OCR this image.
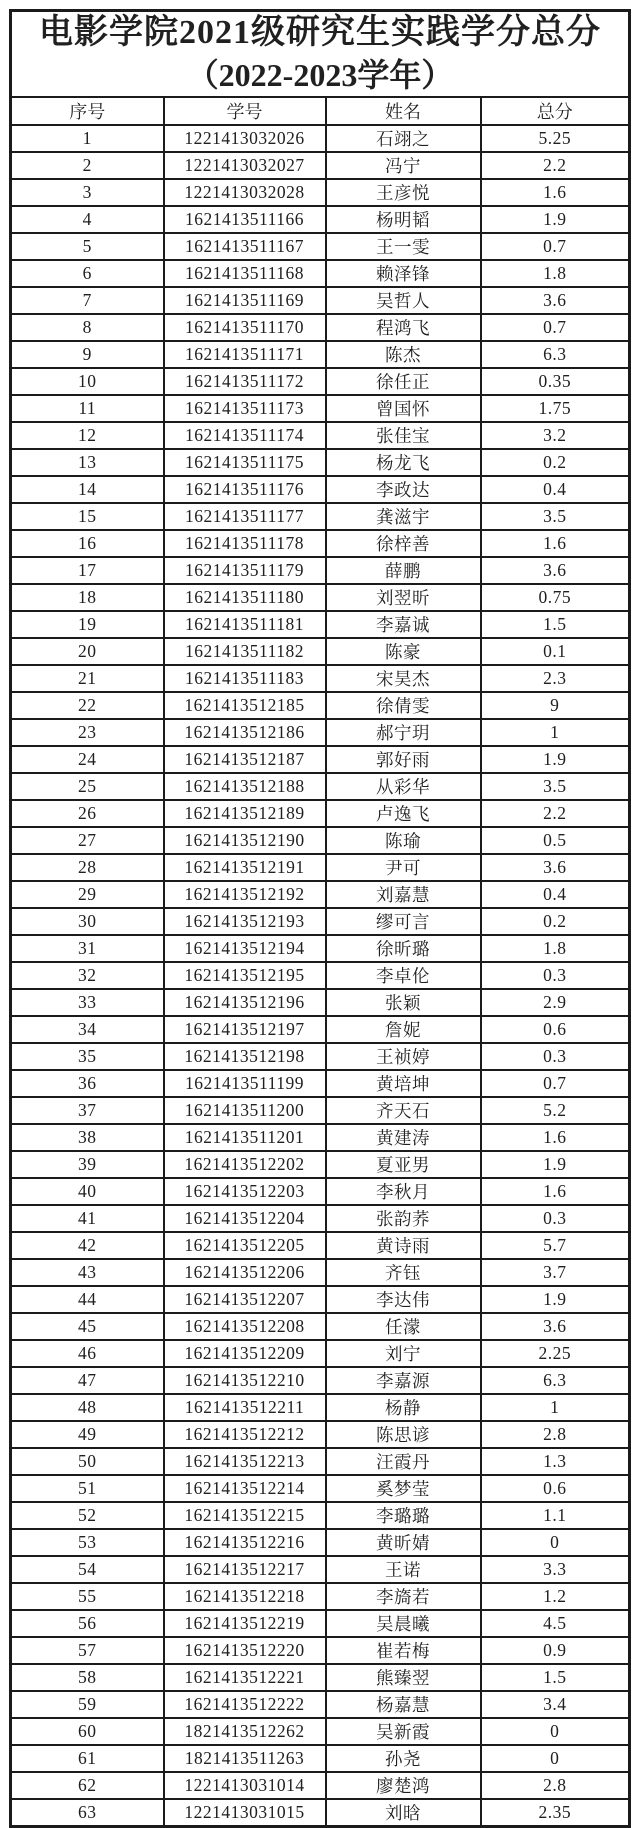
电影学院2021级研究生实践学分总分
（2022-2023学年）			

序号	学号	姓名	总分
1	1221413032026	石翊之	5.25
2	1221413032027	冯宁	2.2
3	1221413032028	王彦悦	1.6
4	1621413511166	杨明韬	1.9
5	1621413511167	王一雯	0.7
6	1621413511168	赖泽锋	1.8
7	1621413511169	吴哲人	3.6
8	1621413511170	程鸿飞	0.7
9	1621413511171	陈杰	6.3
10	1621413511172	徐任正	0.35
11	1621413511173	曾国怀	1.75
12	1621413511174	张佳宝	3.2
13	1621413511175	杨龙飞	0.2
14	1621413511176	李政达	0.4
15	1621413511177	龚滋宇	3.5
16	1621413511178	徐梓善	1.6
17	1621413511179	薛鹏	3.6
18	1621413511180	刘翌昕	0.75
19	1621413511181	李嘉诚	1.5
20	1621413511182	陈豪	0.1
21	1621413511183	宋昊杰	2.3
22	1621413512185	徐倩雯	9
23	1621413512186	郝宁玥	1
24	1621413512187	郭好雨	1.9
25	1621413512188	从彩华	3.5
26	1621413512189	卢逸飞	2.2
27	1621413512190	陈瑜	0.5
28	1621413512191	尹可	3.6
29	1621413512192	刘嘉慧	0.4
30	1621413512193	缪可言	0.2
31	1621413512194	徐昕璐	1.8
32	1621413512195	李卓伦	0.3
33	1621413512196	张颖	2.9
34	1621413512197	詹妮	0.6
35	1621413512198	王祯婷	0.3
36	1621413511199	黄培坤	0.7
37	1621413511200	齐天石	5.2
38	1621413511201	黄建涛	1.6
39	1621413512202	夏亚男	1.9
40	1621413512203	李秋月	1.6
41	1621413512204	张韵荞	0.3
42	1621413512205	黄诗雨	5.7
43	1621413512206	齐钰	3.7
44	1621413512207	李达伟	1.9
45	1621413512208	任濛	3.6
46	1621413512209	刘宁	2.25
47	1621413512210	李嘉源	6.3
48	1621413512211	杨静	1
49	1621413512212	陈思谚	2.8
50	1621413512213	汪霞丹	1.3
51	1621413512214	奚梦莹	0.6
52	1621413512215	李璐璐	1.1
53	1621413512216	黄昕婧	0
54	1621413512217	王诺	3.3
55	1621413512218	李旖若	1.2
56	1621413512219	吴晨曦	4.5
57	1621413512220	崔若梅	0.9
58	1621413512221	熊臻翌	1.5
59	1621413512222	杨嘉慧	3.4
60	1821413512262	吴新霞	0
61	1821413511263	孙尧	0
62	1221413031014	廖楚鸿	2.8
63	1221413031015	刘晗	2.35
